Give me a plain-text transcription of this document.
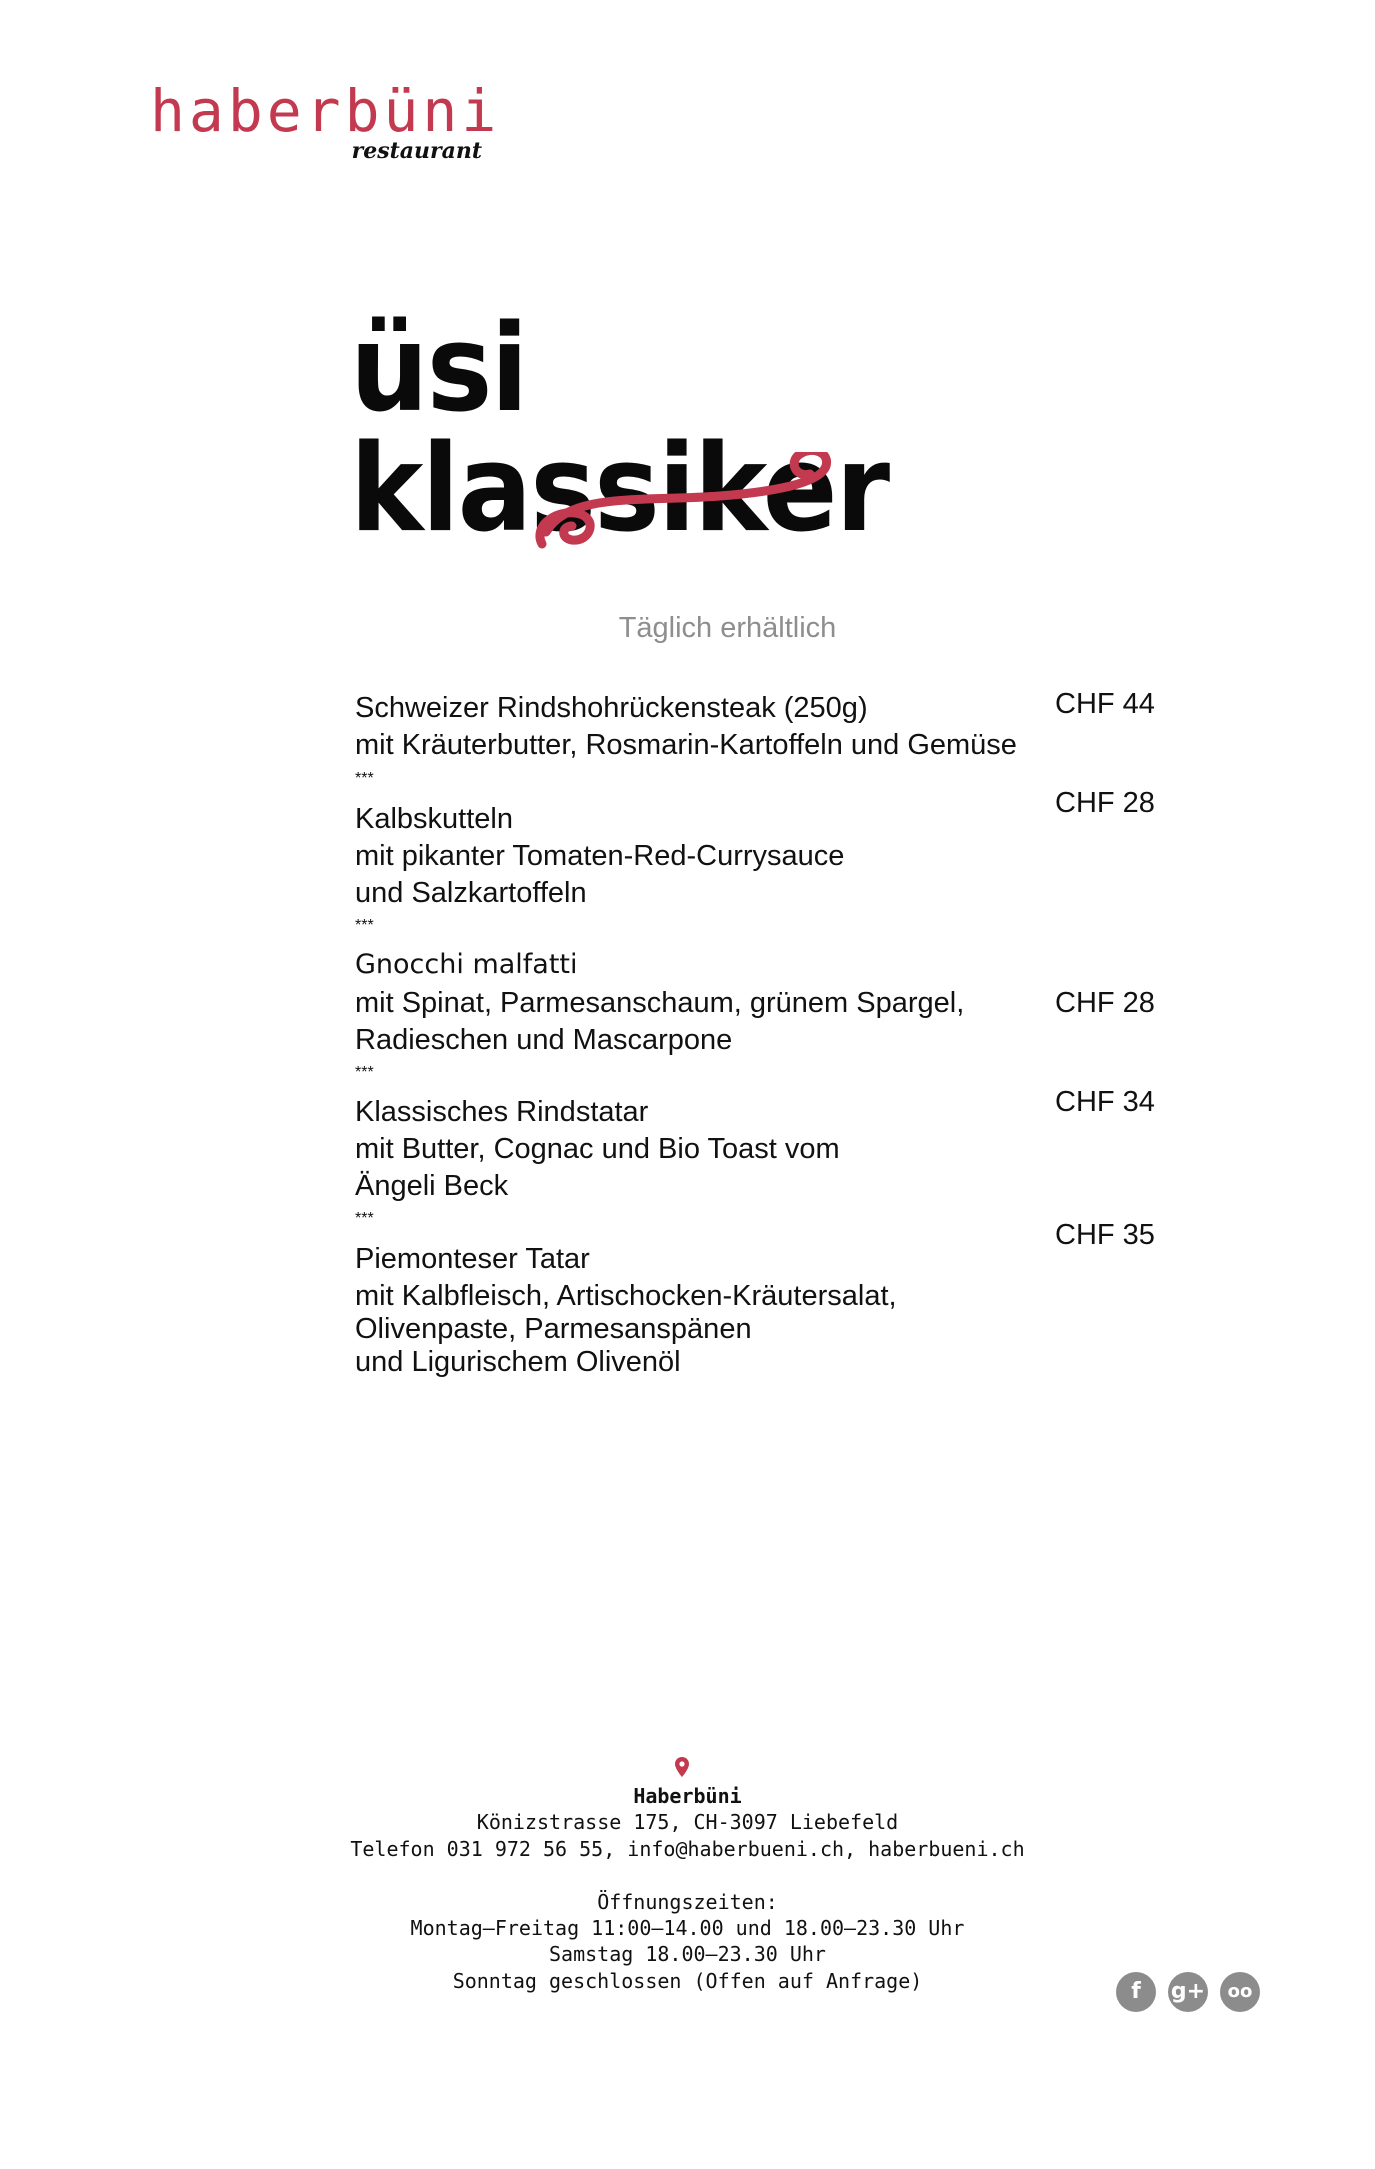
haberbüni
restaurant
üsi klassiker
Täglich erhältlich
Schweizer Rindshohrückensteak (250g)	CHF 44
mit Kräuterbutter, Rosmarin-Kartoffeln und Gemüse
***
Kalbskutteln	CHF 28
mit pikanter Tomaten-Red-Currysauce
und Salzkartoffeln
***
Gnocchi malfatti
CHF 28
mit Spinat, Parmesanschaum, grünem Spargel,
Radieschen und Mascarpone
***
Klassisches Rindstatar	CHF 34
mit Butter, Cognac und Bio Toast vom
Ängeli Beck
***
Piemonteser Tatar
CHF 35
mit Kalbfleisch, Artischocken-Kräutersalat,
Olivenpaste, Parmesanspänen
und Ligurischem Olivenöl
Haberbüni
Könizstrasse 175, CH-3097 Liebefeld
Telefon 031 972 56 55, info@haberbueni.ch, haberbueni.ch
Öffnungszeiten:
Montag–Freitag 11:00–14.00 und 18.00–23.30 Uhr
Samstag 18.00–23.30 Uhr
Sonntag geschlossen (Offen auf Anfrage)	f	g+	oo
